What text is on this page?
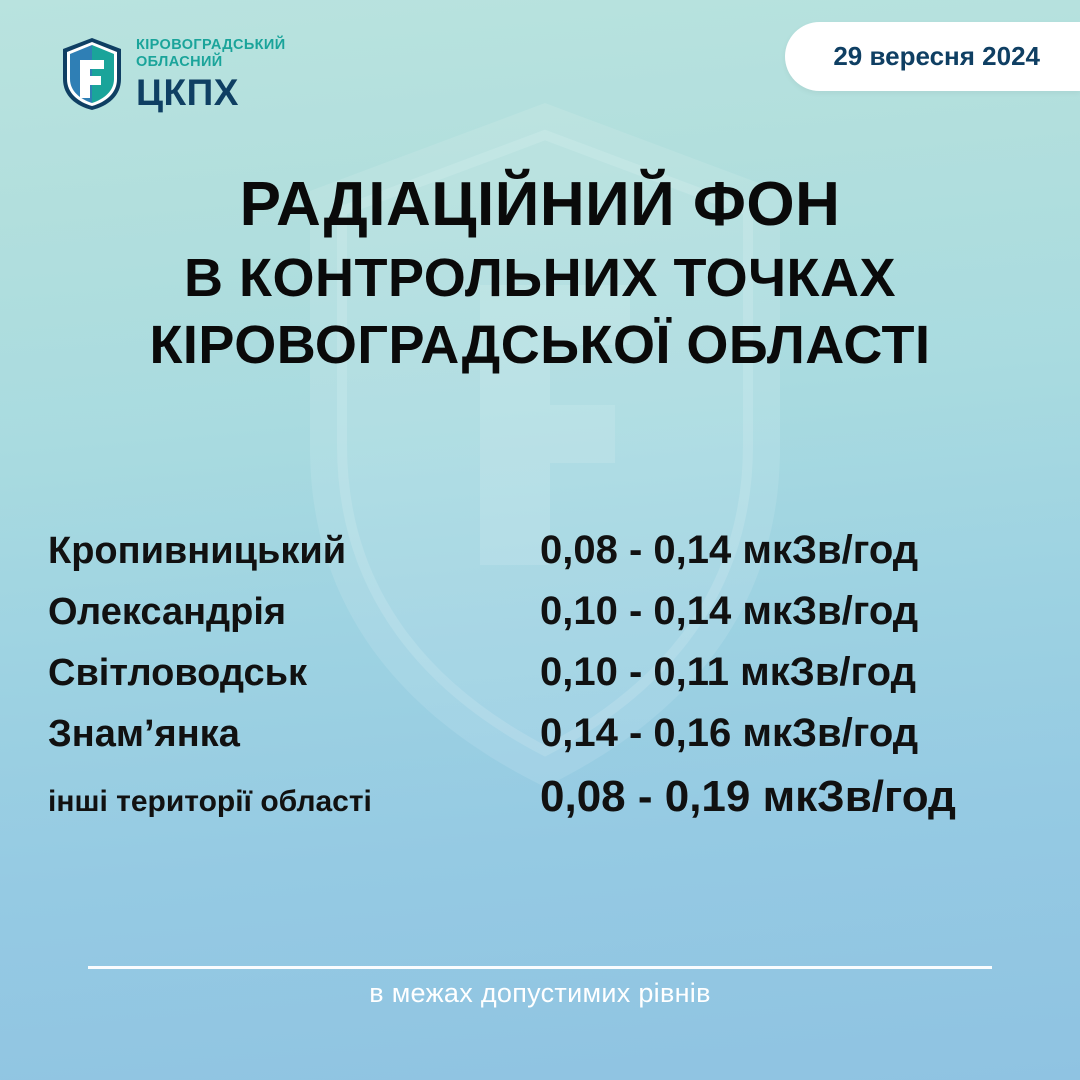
КІРОВОГРАДСЬКИЙ
ОБЛАСНИЙ
ЦКПХ
29 вересня 2024
РАДІАЦІЙНИЙ ФОН
В КОНТРОЛЬНИХ ТОЧКАХ
КІРОВОГРАДСЬКОЇ ОБЛАСТІ
Кропивницький	0,08 - 0,14 мкЗв/год
Олександрія	0,10 - 0,14 мкЗв/год
Світловодськ	0,10 - 0,11 мкЗв/год
Знам’янка	0,14 - 0,16 мкЗв/год
інші території області	0,08 - 0,19 мкЗв/год
в межах допустимих рівнів
